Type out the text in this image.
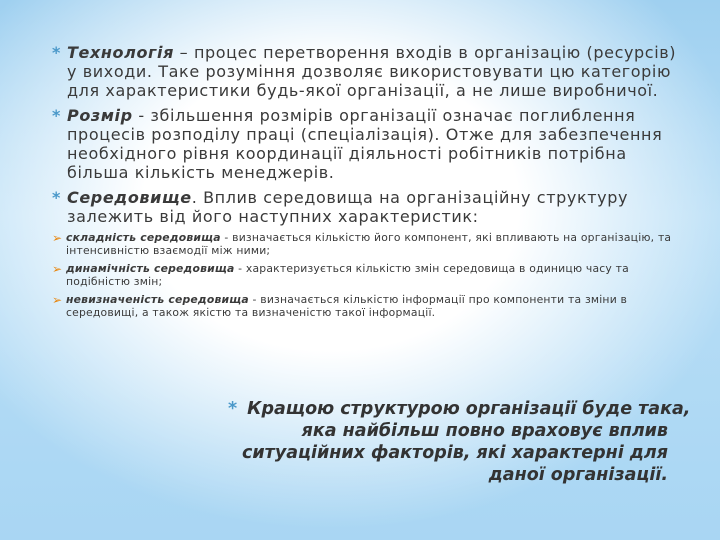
* Технологія – процес перетворення входів в організацію (ресурсів) у виходи. Таке розуміння дозволяє використовувати цю категорію для характеристики будь-якої організації, а не лише виробничої.
* Розмір - збільшення розмірів організації означає поглиблення процесів розподілу праці (спеціалізація). Отже для забезпечення необхідного рівня координації діяльності робітників потрібна більша кількість менеджерів.
* Середовище. Вплив середовища на організаційну структуру залежить від його наступних характеристик:
➢ складність середовища - визначається кількістю його компонент, які впливають на організацію, та інтенсивністю взаємодії між ними;
➢ динамічність середовища - характеризується кількістю змін середовища в одиницю часу та подібністю змін;
➢ невизначеність середовища - визначається кількістю інформації про компоненти та зміни в середовищі, а також якістю та визначеністю такої інформації.
* Кращою структурою організації буде така,
яка найбільш повно враховує вплив
ситуаційних факторів, які характерні для
даної організації.
